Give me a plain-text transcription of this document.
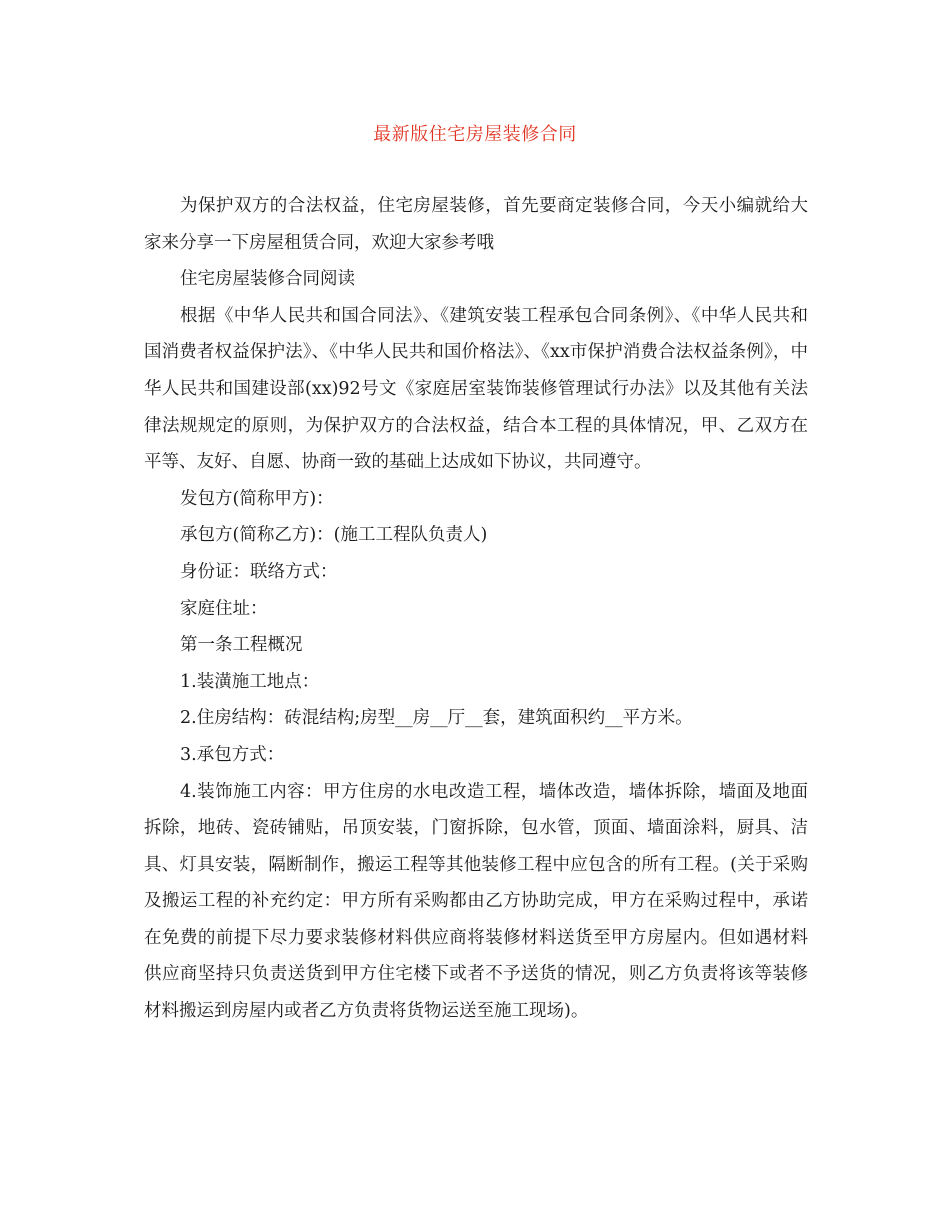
最新版住宅房屋装修合同

为保护双方的合法权益，住宅房屋装修，首先要商定装修合同，今天小编就给大家来分享一下房屋租赁合同，欢迎大家参考哦

住宅房屋装修合同阅读

根据《中华人民共和国合同法》、《建筑安装工程承包合同条例》、《中华人民共和国消费者权益保护法》、《中华人民共和国价格法》、《xx市保护消费合法权益条例》，中华人民共和国建设部(xx)92号文《家庭居室装饰装修管理试行办法》以及其他有关法律法规规定的原则，为保护双方的合法权益，结合本工程的具体情况，甲、乙双方在平等、友好、自愿、协商一致的基础上达成如下协议，共同遵守。

发包方(简称甲方)：

承包方(简称乙方)：(施工工程队负责人)

身份证：联络方式：

家庭住址：

第一条工程概况

1.装潢施工地点：

2.住房结构：砖混结构;房型__房__厅__套，建筑面积约__平方米。

3.承包方式：

4.装饰施工内容：甲方住房的水电改造工程，墙体改造，墙体拆除，墙面及地面拆除，地砖、瓷砖铺贴，吊顶安装，门窗拆除，包水管，顶面、墙面涂料，厨具、洁具、灯具安装，隔断制作，搬运工程等其他装修工程中应包含的所有工程。(关于采购及搬运工程的补充约定：甲方所有采购都由乙方协助完成，甲方在采购过程中，承诺在免费的前提下尽力要求装修材料供应商将装修材料送货至甲方房屋内。但如遇材料供应商坚持只负责送货到甲方住宅楼下或者不予送货的情况，则乙方负责将该等装修材料搬运到房屋内或者乙方负责将货物运送至施工现场)。
